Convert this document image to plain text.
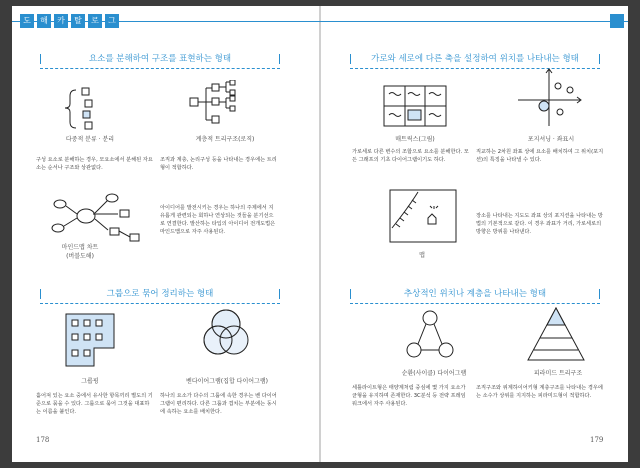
도	해	카	탈	로	그
요소를 분해하여 구조를 표현하는 형태	가로와 세로에 다른 축을 설정하여 위치를 나타내는 형태
그룹으로 묶어 정리하는 형태	추상적인 위치나 계층을 나타내는 형태
다중적 분류 · 분리	계층적 트리구조(로직)
구성 요소로 분해하는 경우, 모요소에서 분해된 자요소는 순서나 구조와 상관없다.
조직과 계층, 논리구성 등을 나타내는 경우에는 트리형이 적합하다.
마인드맵 차트
(버블도해)
아이디어를 발전시키는 경우는 하나의 주제에서 지유롭게 관련되는 회하나 연상되는 것들을 분기선으로 연결한다. 발산하는 타입의 아이디어 전개도법은 마인드맵으로 자주 사용된다.
매트릭스(그림)	포지셔닝 · 좌표시
가로세로 다른 변수의 조합으로 요소를 분해한다. 모든 그래프의 기초 다이어그램이기도 하다.
직교하는 2차원 좌표 상에 요소를 배치하여 그 위치(포지션)의 특징을 나타낼 수 있다.
맵
장소를 나타내는 지도도 좌표 상의 포지션을 나타내는 방법의 기본적으로 같다. 이 경우 좌표가 거리, 가로세로의 방향은 방위를 나타낸다.
그룹핑	벤다이어그램(집합 다이어그램)
흩어져 있는 요소 중에서 유사한 항목끼리 별도의 기준으로 묶을 수 있다. 그룹으로 묶어 그것을 대표하는 이름을 붙인다.
하나의 요소가 다수의 그룹에 속한 경우는 벤 다이어그램이 편리하다. 다른 그룹과 겹치는 부분에는 동시에 속하는 요소를 배치한다.
순환(사이클) 다이어그램	피라미드 트리구조
세틀라이트형은 태양계처럼 중심에 몇 가지 요소가 균형을 유지하며 존재한다. 3C분석 등 전략 프레임워크에서 자주 사용된다.
조직구조와 위계하이어키형 계층구조를 나타내는 경우에는 소수가 상위를 지지하는 피라미드형이 적합하다.
178	179
